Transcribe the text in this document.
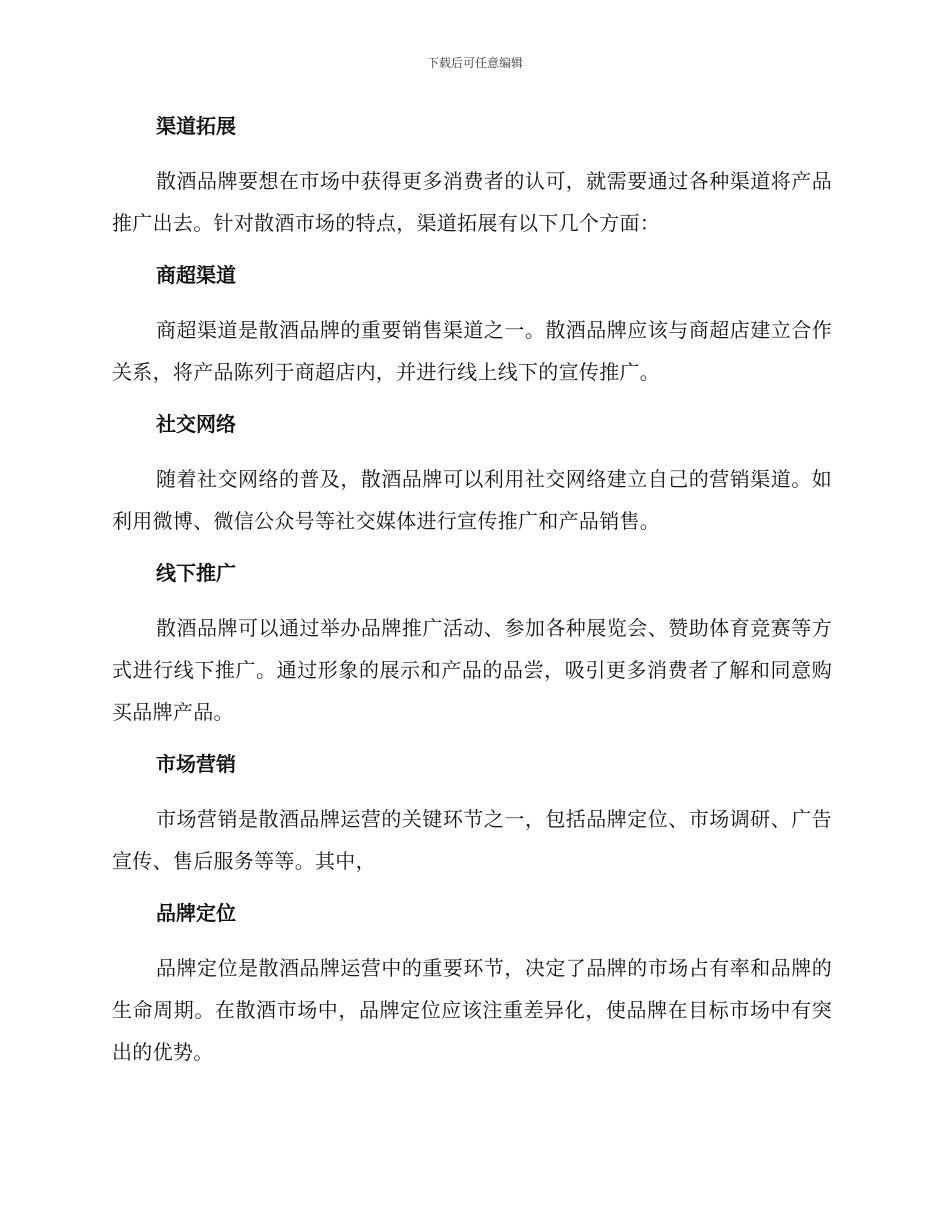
下载后可任意编辑
渠道拓展

散酒品牌要想在市场中获得更多消费者的认可，就需要通过各种渠道将产品推广出去。针对散酒市场的特点，渠道拓展有以下几个方面：

商超渠道

商超渠道是散酒品牌的重要销售渠道之一。散酒品牌应该与商超店建立合作关系，将产品陈列于商超店内，并进行线上线下的宣传推广。

社交网络

随着社交网络的普及，散酒品牌可以利用社交网络建立自己的营销渠道。如利用微博、微信公众号等社交媒体进行宣传推广和产品销售。

线下推广

散酒品牌可以通过举办品牌推广活动、参加各种展览会、赞助体育竞赛等方式进行线下推广。通过形象的展示和产品的品尝，吸引更多消费者了解和同意购买品牌产品。

市场营销

市场营销是散酒品牌运营的关键环节之一，包括品牌定位、市场调研、广告宣传、售后服务等等。其中，

品牌定位

品牌定位是散酒品牌运营中的重要环节，决定了品牌的市场占有率和品牌的生命周期。在散酒市场中，品牌定位应该注重差异化，使品牌在目标市场中有突出的优势。
